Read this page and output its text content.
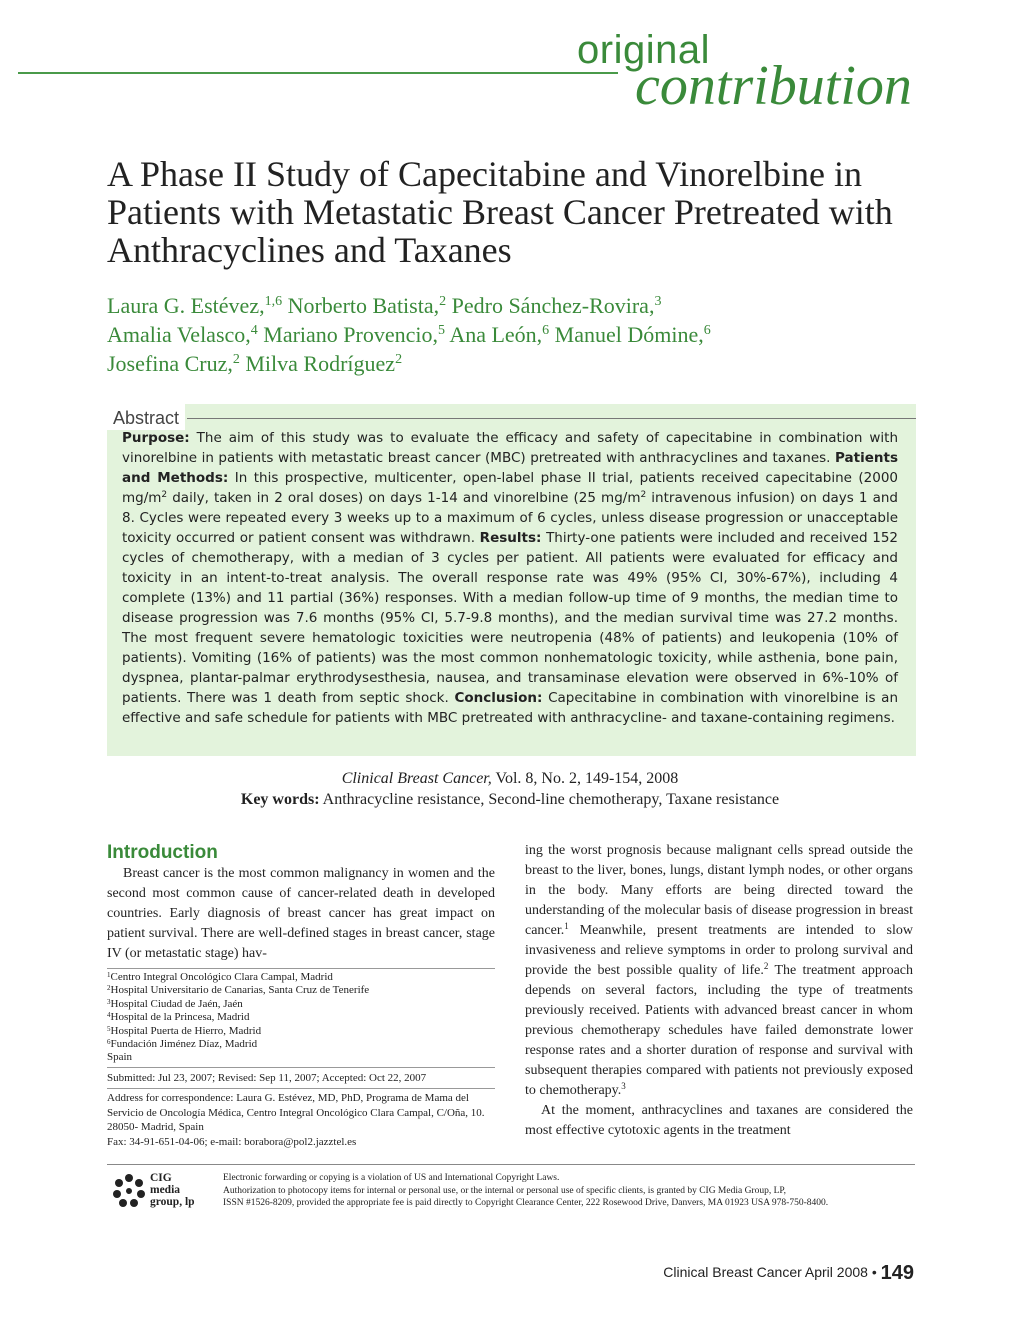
original
contribution
A Phase II Study of Capecitabine and Vinorelbine in Patients with Metastatic Breast Cancer Pretreated with Anthracyclines and Taxanes
Laura G. Estévez,$^{1,6}$ Norberto Batista,$^2$ Pedro Sánchez-Rovira,$^3$
Amalia Velasco,$^4$ Mariano Provencio,$^5$ Ana León,$^6$ Manuel Dómine,$^6$
Josefina Cruz,$^2$ Milva Rodríguez$^2$
Abstract

Purpose: The aim of this study was to evaluate the efficacy and safety of capecitabine in combination with vinorelbine in patients with metastatic breast cancer (MBC) pretreated with anthracyclines and taxanes. Patients and Methods: In this prospective, multicenter, open-label phase II trial, patients received capecitabine (2000 $mg/m^2$ daily, taken in 2 oral doses) on days 1-14 and vinorelbine (25 $mg/m^2$ intravenous infusion) on days 1 and 8. Cycles were repeated every 3 weeks up to a maximum of 6 cycles, unless disease progression or unacceptable toxicity occurred or patient consent was withdrawn. Results: Thirty-one patients were included and received 152 cycles of chemotherapy, with a median of 3 cycles per patient. All patients were evaluated for efficacy and toxicity in an intent-to-treat analysis. The overall response rate was 49% (95% CI, 30%-67%), including 4 complete (13%) and 11 partial (36%) responses. With a median follow-up time of 9 months, the median time to disease progression was 7.6 months (95% CI, 5.7-9.8 months), and the median survival time was 27.2 months. The most frequent severe hematologic toxicities were neutropenia (48% of patients) and leukopenia (10% of patients). Vomiting (16% of patients) was the most common nonhematologic toxicity, while asthenia, bone pain, dyspnea, plantar-palmar erythrodysesthesia, nausea, and transaminase elevation were observed in 6%-10% of patients. There was 1 death from septic shock. Conclusion: Capecitabine in combination with vinorelbine is an effective and safe schedule for patients with MBC pretreated with anthracycline- and taxane-containing regimens.

Clinical Breast Cancer, Vol. 8, No. 2, 149-154, 2008
Key words: Anthracycline resistance, Second-line chemotherapy, Taxane resistance
Introduction

Breast cancer is the most common malignancy in women and the second most common cause of cancer-related death in developed countries. Early diagnosis of breast cancer has great impact on patient survival. There are well-defined stages in breast cancer, stage IV (or metastatic stage) hav-

$^1$Centro Integral Oncológico Clara Campal, Madrid
$^2$Hospital Universitario de Canarias, Santa Cruz de Tenerife
$^3$Hospital Ciudad de Jaén, Jaén
$^4$Hospital de la Princesa, Madrid
$^5$Hospital Puerta de Hierro, Madrid
$^6$Fundación Jiménez Díaz, Madrid
Spain
Submitted: Jul 23, 2007; Revised: Sep 11, 2007; Accepted: Oct 22, 2007
Address for correspondence: Laura G. Estévez, MD, PhD, Programa de Mama del Servicio de Oncología Médica, Centro Integral Oncológico Clara Campal, C/Oña, 10. 28050- Madrid, Spain
Fax: 34-91-651-04-06; e-mail: borabora@pol2.jazztel.es

ing the worst prognosis because malignant cells spread outside the breast to the liver, bones, lungs, distant lymph nodes, or other organs in the body. Many efforts are being directed toward the understanding of the molecular basis of disease progression in breast cancer.$^1$ Meanwhile, present treatments are intended to slow invasiveness and relieve symptoms in order to prolong survival and provide the best possible quality of life.$^2$ The treatment approach depends on several factors, including the type of treatments previously received. Patients with advanced breast cancer in whom previous chemotherapy schedules have failed demonstrate lower response rates and a shorter duration of response and survival with subsequent therapies compared with patients not previously exposed to chemotherapy.$^3$

At the moment, anthracyclines and taxanes are considered the most effective cytotoxic agents in the treatment

CIG
media
group, lp
Electronic forwarding or copying is a violation of US and International Copyright Laws.
Authorization to photocopy items for internal or personal use, or the internal or personal use of specific clients, is granted by CIG Media Group, LP,
ISSN #1526-8209, provided the appropriate fee is paid directly to Copyright Clearance Center, 222 Rosewood Drive, Danvers, MA 01923 USA 978-750-8400.
Clinical Breast Cancer April 2008 • 149
